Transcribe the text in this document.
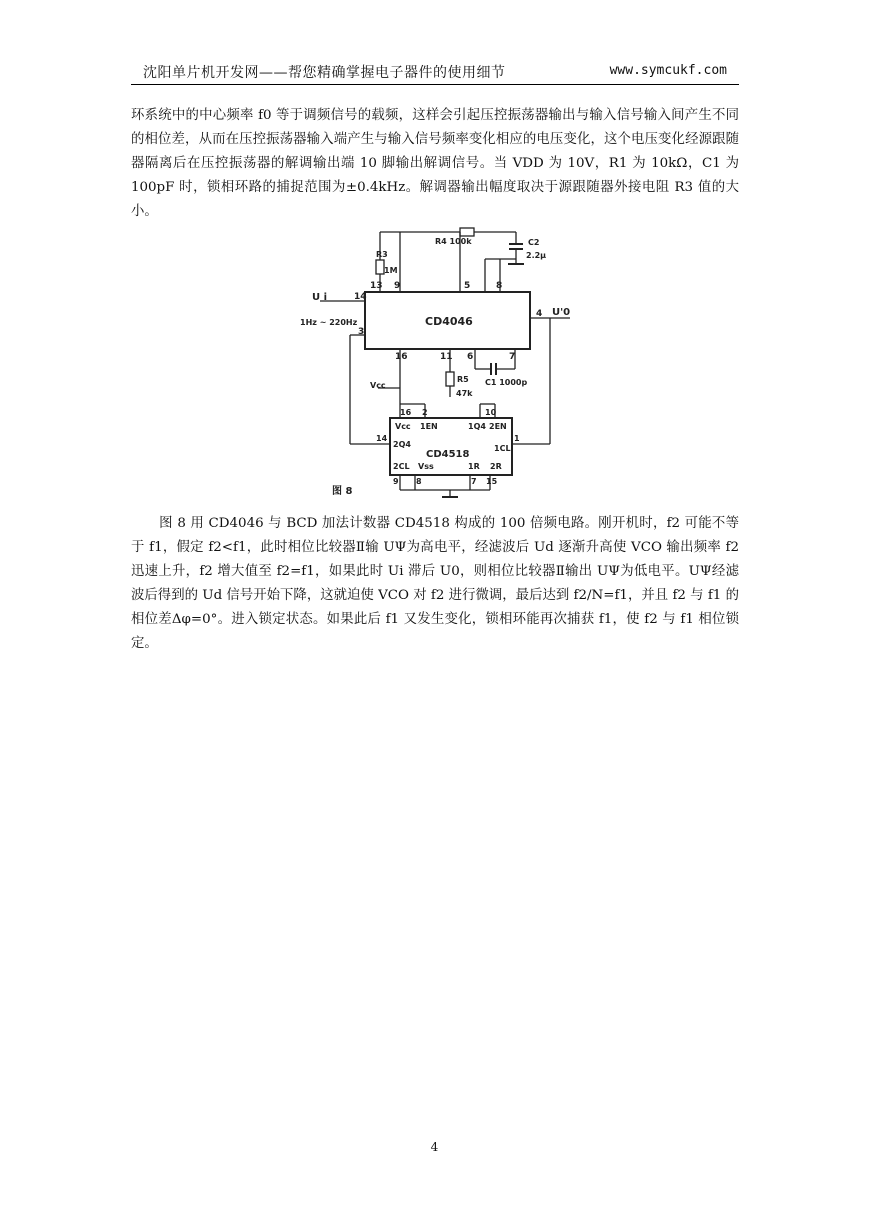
沈阳单片机开发网——帮您精确掌握电子器件的使用细节	www.symcukf.com

环系统中的中心频率 f0 等于调频信号的载频，这样会引起压控振荡器输出与输入信号输入间产生不同的相位差，从而在压控振荡器输入端产生与输入信号频率变化相应的电压变化，这个电压变化经源跟随器隔离后在压控振荡器的解调输出端 10 脚输出解调信号。当 VDD 为 10V，R1 为 10kΩ，C1 为 100pF 时，锁相环路的捕捉范围为±0.4kHz。解调器输出幅度取决于源跟随器外接电阻 R3 值的大小。

CD4046
13 9	5	8
14
3
4
16	11 6	7
R3
1M
R4 100k	C2
2.2μ
U i
1Hz ~ 220Hz
U'0
Vcc
R5
47k
C1 1000p
CD4518
Vcc 1EN	1Q4 2EN
2Q4	1CL
2CL Vss	1R 2R
16 2	10
1
14
9 8	7 15
图 8

图 8 用 CD4046 与 BCD 加法计数器 CD4518 构成的 100 倍频电路。刚开机时，f2 可能不等于 f1，假定 f2<f1，此时相位比较器Ⅱ输 UΨ为高电平，经滤波后 Ud 逐渐升高使 VCO 输出频率 f2 迅速上升，f2 增大值至 f2=f1，如果此时 Ui 滞后 U0，则相位比较器Ⅱ输出 UΨ为低电平。UΨ经滤波后得到的 Ud 信号开始下降，这就迫使 VCO 对 f2 进行微调，最后达到 f2/N=f1，并且 f2 与 f1 的相位差Δφ=0°。进入锁定状态。如果此后 f1 又发生变化，锁相环能再次捕获 f1，使 f2 与 f1 相位锁定。

4
